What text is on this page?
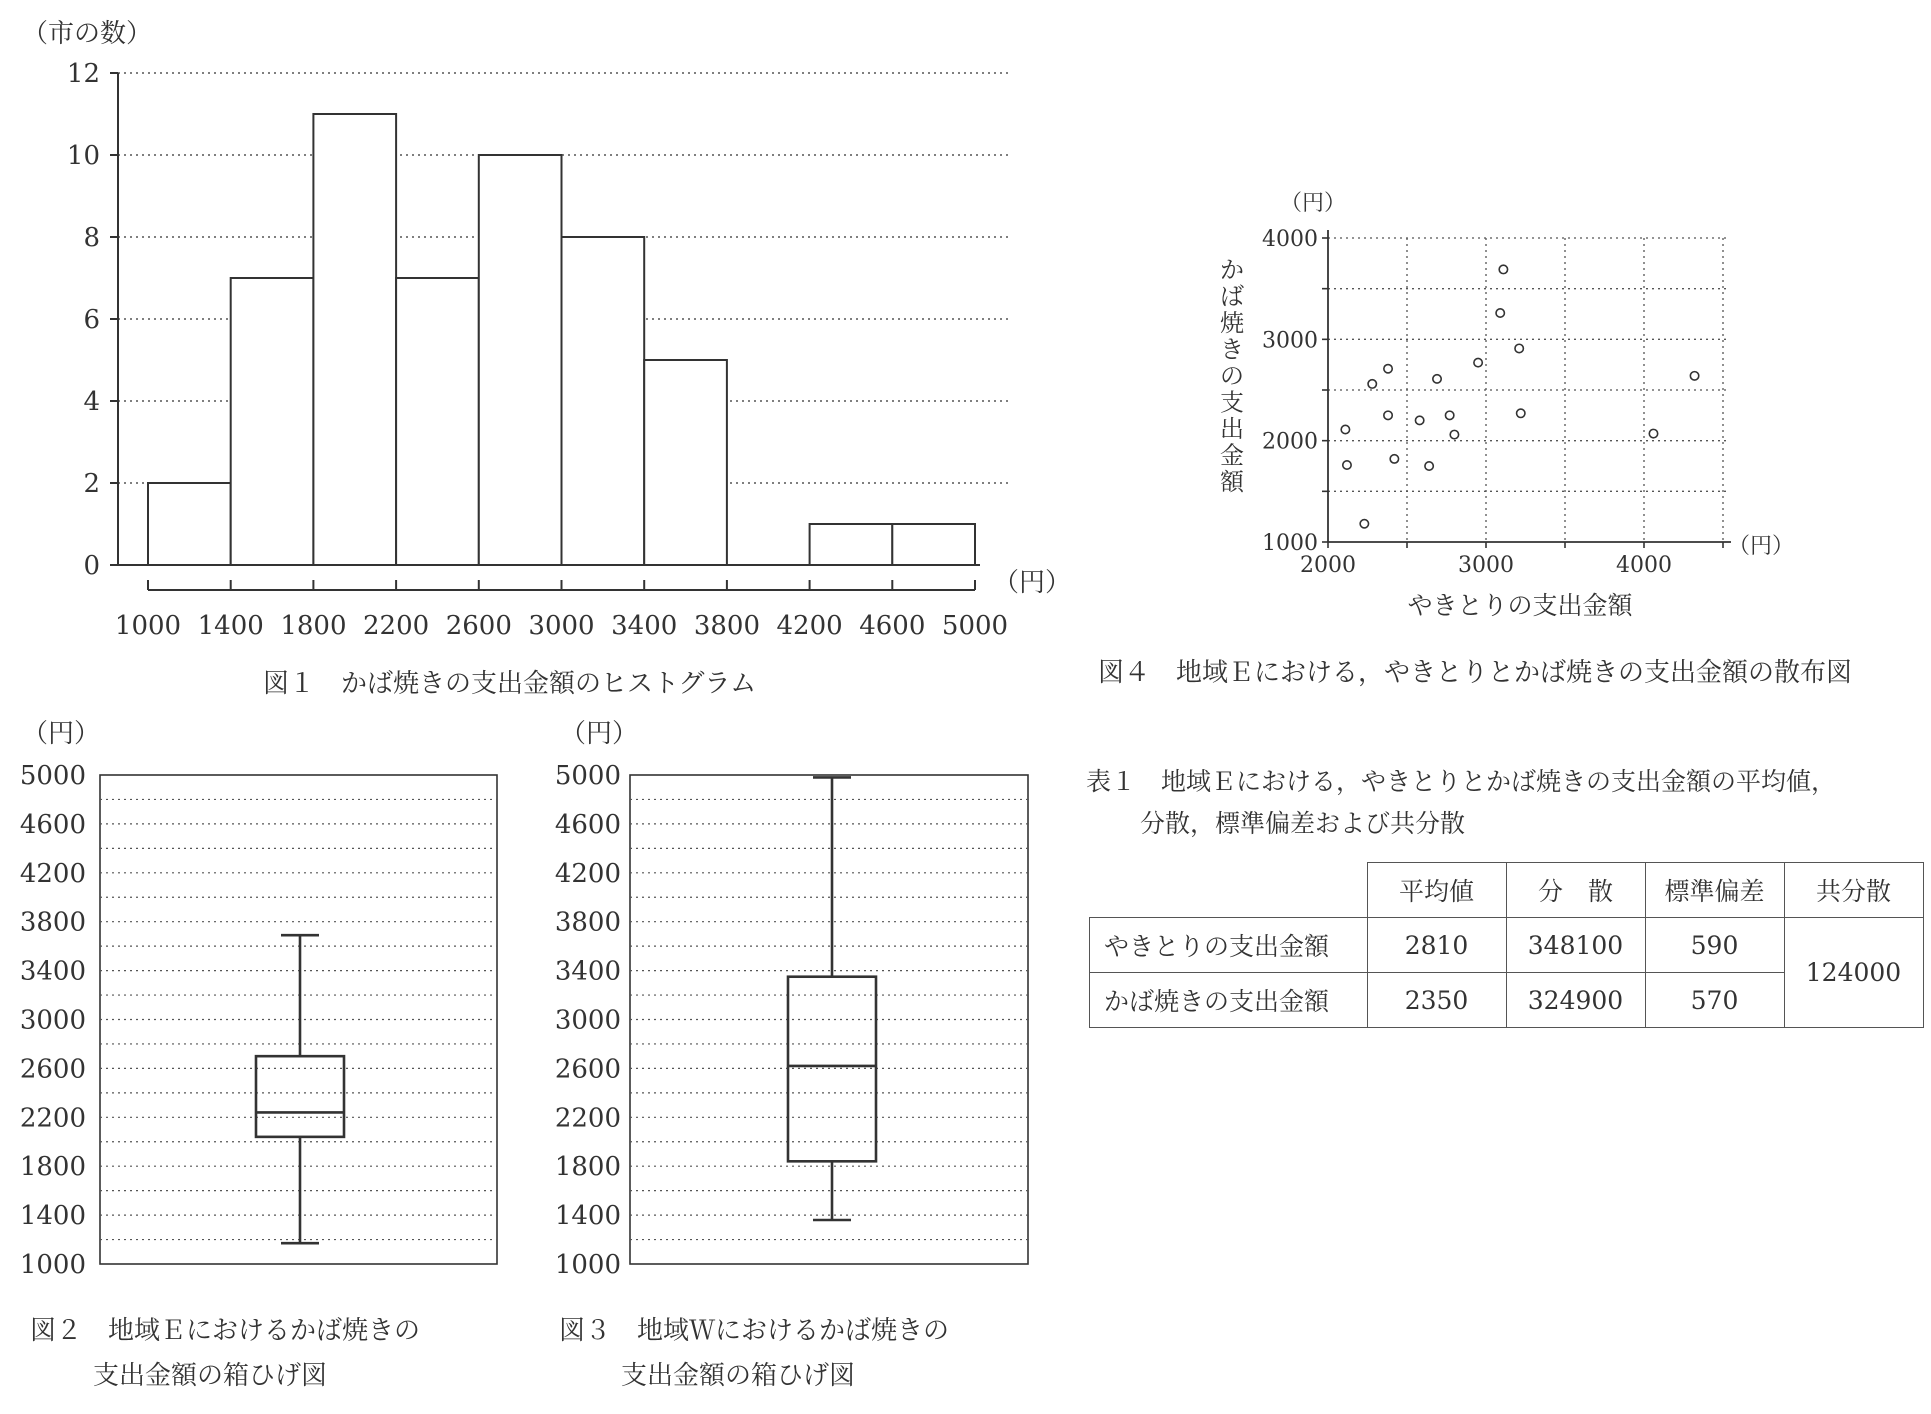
0
2
4
6
8
10
12
1000 1400 1800 2200 2600 3000 3400 3800 4200 4600 5000
（市の数）
（円）
図１　かば焼きの支出金額のヒストグラム
1000
1400
1800
2200
2600
3000
3400
3800
4200
4600
5000
（円）
図２　地域Ｅにおけるかば焼きの
支出金額の箱ひげ図
1000
1400
1800
2200
2600
3000
3400
3800
4200
4600
5000
（円）
図３　地域Ｗにおけるかば焼きの
支出金額の箱ひげ図
1000
2000
3000
4000
2000	3000	4000
（円）
（円）
かば焼きの支出金額
やきとりの支出金額
図４　地域Ｅにおける，やきとりとかば焼きの支出金額の散布図
表１　地域Ｅにおける，やきとりとかば焼きの支出金額の平均値，
分散，標準偏差および共分散
	平均値	分　散	標準偏差	共分散
やきとりの支出金額	2810	348100	590	124000
かば焼きの支出金額	2350	324900	570	
